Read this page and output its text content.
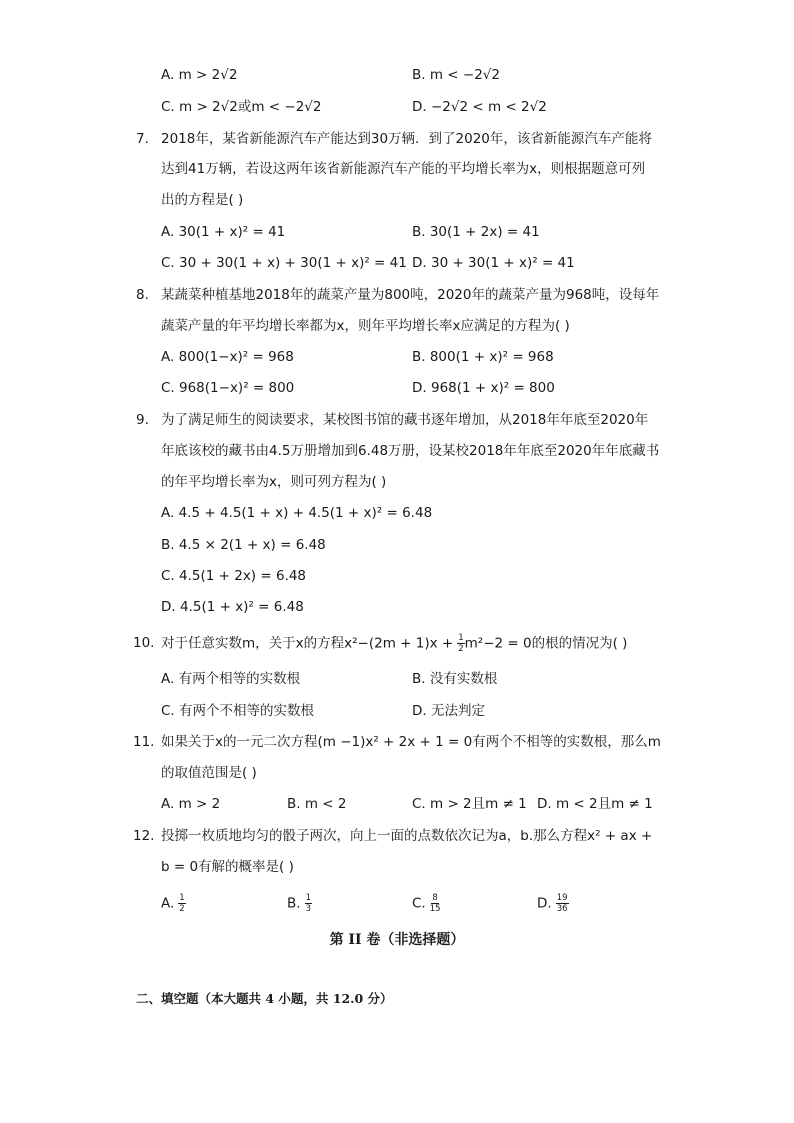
A. m > 2√2	B. m < −2√2
C. m > 2√2或m < −2√2	D. −2√2 < m < 2√2
7. 2018年，某省新能源汽车产能达到30万辆．到了2020年，该省新能源汽车产能将
达到41万辆，若设这两年该省新能源汽车产能的平均增长率为x，则根据题意可列
出的方程是( )
A. 30(1 + x)² = 41	B. 30(1 + 2x) = 41
C. 30 + 30(1 + x) + 30(1 + x)² = 41 D. 30 + 30(1 + x)² = 41
8. 某蔬菜种植基地2018年的蔬菜产量为800吨，2020年的蔬菜产量为968吨，设每年
蔬菜产量的年平均增长率都为x，则年平均增长率x应满足的方程为( )
A. 800(1−x)² = 968	B. 800(1 + x)² = 968
C. 968(1−x)² = 800	D. 968(1 + x)² = 800
9. 为了满足师生的阅读要求，某校图书馆的藏书逐年增加，从2018年年底至2020年
年底该校的藏书由4.5万册增加到6.48万册，设某校2018年年底至2020年年底藏书
的年平均增长率为x，则可列方程为( )
A. 4.5 + 4.5(1 + x) + 4.5(1 + x)² = 6.48
B. 4.5 × 2(1 + x) = 6.48
C. 4.5(1 + 2x) = 6.48
D. 4.5(1 + x)² = 6.48
10. 对于任意实数m，关于x的方程$x^2-(2m + 1)x + \frac{1}{2} m^2-2 = 0$的根的情况为( )
A. 有两个相等的实数根	B. 没有实数根
C. 有两个不相等的实数根	D. 无法判定
11. 如果关于x的一元二次方程(m −1)x² + 2x + 1 = 0有两个不相等的实数根，那么m
的取值范围是( )
A. m > 2	B. m < 2	C. m > 2且m ≠ 1 D. m < 2且m ≠ 1
12. 投掷一枚质地均匀的骰子两次，向上一面的点数依次记为a，b.那么方程x² + ax +
b = 0有解的概率是( )
A. $\frac{1}{2}$	B. $\frac{1}{3}$	C. $\frac{8}{15}$	D. $\frac{19}{36}$
第 II 卷（非选择题）
二、填空题（本大题共 4 小题，共 12.0 分）
